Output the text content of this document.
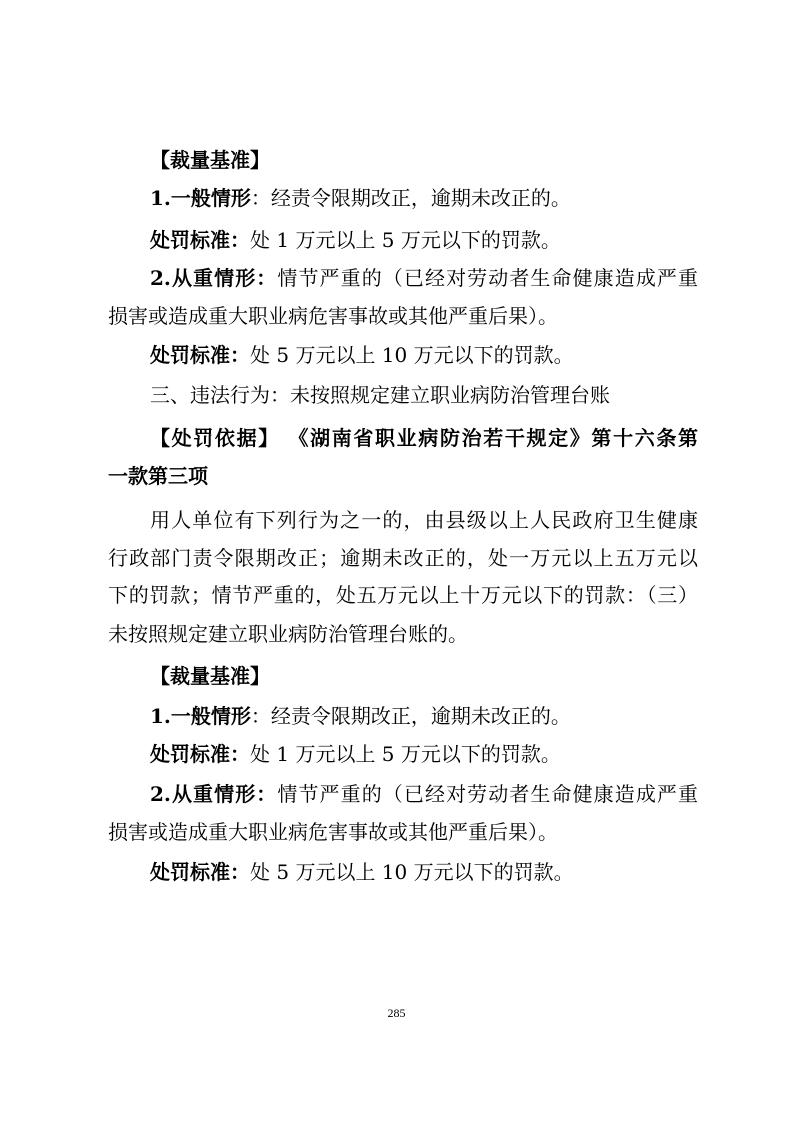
【裁量基准】
1.一般情形：经责令限期改正，逾期未改正的。
处罚标准：处 1 万元以上 5 万元以下的罚款。
2.从重情形：情节严重的（已经对劳动者生命健康造成严重
损害或造成重大职业病危害事故或其他严重后果）。
处罚标准：处 5 万元以上 10 万元以下的罚款。
三、违法行为：未按照规定建立职业病防治管理台账
【处罚依据】 《湖南省职业病防治若干规定》第十六条第
一款第三项
用人单位有下列行为之一的，由县级以上人民政府卫生健康
行政部门责令限期改正；逾期未改正的，处一万元以上五万元以
下的罚款；情节严重的，处五万元以上十万元以下的罚款：（三）
未按照规定建立职业病防治管理台账的。
【裁量基准】
1.一般情形：经责令限期改正，逾期未改正的。
处罚标准：处 1 万元以上 5 万元以下的罚款。
2.从重情形：情节严重的（已经对劳动者生命健康造成严重
损害或造成重大职业病危害事故或其他严重后果）。
处罚标准：处 5 万元以上 10 万元以下的罚款。
285
